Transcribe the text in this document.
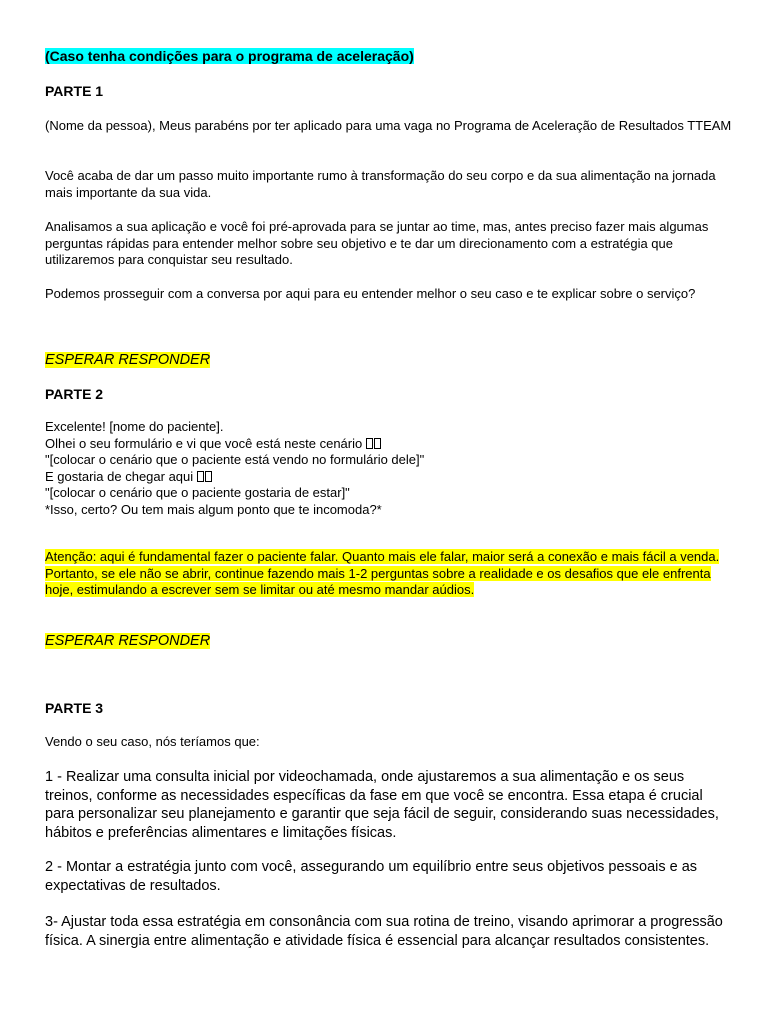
(Caso tenha condições para o programa de aceleração)
PARTE 1

(Nome da pessoa), Meus parabéns por ter aplicado para uma vaga no Programa de Aceleração de Resultados TTEAM

Você acaba de dar um passo muito importante rumo à transformação do seu corpo e da sua alimentação na jornada mais importante da sua vida.

Analisamos a sua aplicação e você foi pré-aprovada para se juntar ao time, mas, antes preciso fazer mais algumas perguntas rápidas para entender melhor sobre seu objetivo e te dar um direcionamento com a estratégia que utilizaremos para conquistar seu resultado.

Podemos prosseguir com a conversa por aqui para eu entender melhor o seu caso e te explicar sobre o serviço?

ESPERAR RESPONDER
PARTE 2

Excelente! [nome do paciente].

Olhei o seu formulário e vi que você está neste cenário

"[colocar o cenário que o paciente está vendo no formulário dele]"

E gostaria de chegar aqui

"[colocar o cenário que o paciente gostaria de estar]"

*Isso, certo? Ou tem mais algum ponto que te incomoda?*

Atenção: aqui é fundamental fazer o paciente falar. Quanto mais ele falar, maior será a conexão e mais fácil a venda. Portanto, se ele não se abrir, continue fazendo mais 1-2 perguntas sobre a realidade e os desafios que ele enfrenta hoje, estimulando a escrever sem se limitar ou até mesmo mandar aúdios.

ESPERAR RESPONDER
PARTE 3

Vendo o seu caso, nós teríamos que:

1 - Realizar uma consulta inicial por videochamada, onde ajustaremos a sua alimentação e os seus treinos, conforme as necessidades específicas da fase em que você se encontra. Essa etapa é crucial para personalizar seu planejamento e garantir que seja fácil de seguir, considerando suas necessidades, hábitos e preferências alimentares e limitações físicas.

2 - Montar a estratégia junto com você, assegurando um equilíbrio entre seus objetivos pessoais e as expectativas de resultados.

3- Ajustar toda essa estratégia em consonância com sua rotina de treino, visando aprimorar a progressão física. A sinergia entre alimentação e atividade física é essencial para alcançar resultados consistentes.
